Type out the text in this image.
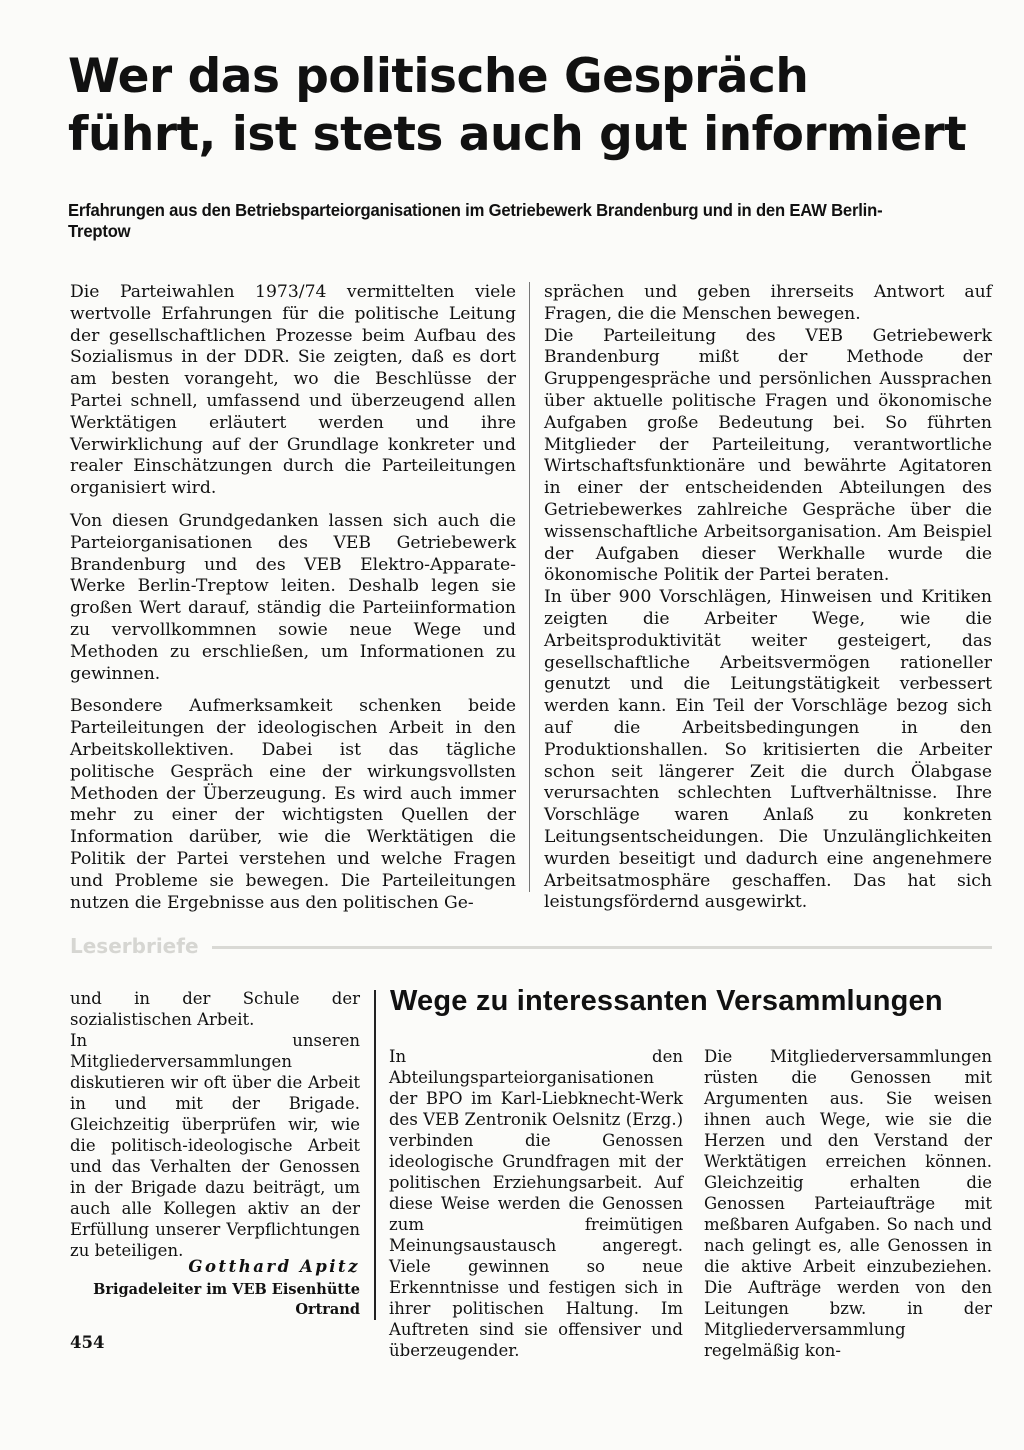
Wer das politische Gespräch führt, ist stets auch gut informiert
Erfahrungen aus den Betriebsparteiorganisationen im Getriebewerk Brandenburg und in den EAW Berlin-Treptow

Die Parteiwahlen 1973/74 vermittelten viele wertvolle Erfahrungen für die politische Leitung der gesellschaftlichen Prozesse beim Aufbau des Sozialismus in der DDR. Sie zeigten, daß es dort am besten vorangeht, wo die Beschlüsse der Partei schnell, umfassend und überzeugend allen Werktätigen erläutert werden und ihre Verwirklichung auf der Grundlage konkreter und realer Einschätzungen durch die Parteileitungen organisiert wird.

Von diesen Grundgedanken lassen sich auch die Parteiorganisationen des VEB Getriebewerk Brandenburg und des VEB Elektro-Apparate-Werke Berlin-Treptow leiten. Deshalb legen sie großen Wert darauf, ständig die Parteiinformation zu vervollkommnen sowie neue Wege und Methoden zu erschließen, um Informationen zu gewinnen.

Besondere Aufmerksamkeit schenken beide Parteileitungen der ideologischen Arbeit in den Arbeitskollektiven. Dabei ist das tägliche politische Gespräch eine der wirkungsvollsten Methoden der Überzeugung. Es wird auch immer mehr zu einer der wichtigsten Quellen der Information darüber, wie die Werktätigen die Politik der Partei verstehen und welche Fragen und Probleme sie bewegen. Die Parteileitungen nutzen die Ergebnisse aus den politischen Ge-

sprächen und geben ihrerseits Antwort auf Fragen, die die Menschen bewegen.

Die Parteileitung des VEB Getriebewerk Brandenburg mißt der Methode der Gruppengespräche und persönlichen Aussprachen über aktuelle politische Fragen und ökonomische Aufgaben große Bedeutung bei. So führten Mitglieder der Parteileitung, verantwortliche Wirtschaftsfunktionäre und bewährte Agitatoren in einer der entscheidenden Abteilungen des Getriebewerkes zahlreiche Gespräche über die wissenschaftliche Arbeitsorganisation. Am Beispiel der Aufgaben dieser Werkhalle wurde die ökonomische Politik der Partei beraten.

In über 900 Vorschlägen, Hinweisen und Kritiken zeigten die Arbeiter Wege, wie die Arbeitsproduktivität weiter gesteigert, das gesellschaftliche Arbeitsvermögen rationeller genutzt und die Leitungstätigkeit verbessert werden kann. Ein Teil der Vorschläge bezog sich auf die Arbeitsbedingungen in den Produktionshallen. So kritisierten die Arbeiter schon seit längerer Zeit die durch Ölabgase verursachten schlechten Luftverhältnisse. Ihre Vorschläge waren Anlaß zu konkreten Leitungsentscheidungen. Die Unzulänglichkeiten wurden beseitigt und dadurch eine angenehmere Arbeitsatmosphäre geschaffen. Das hat sich leistungsfördernd ausgewirkt.

Leserbriefe

und in der Schule der sozialistischen Arbeit.

In unseren Mitgliederversammlungen diskutieren wir oft über die Arbeit in und mit der Brigade. Gleichzeitig überprüfen wir, wie die politisch-ideologische Arbeit und das Verhalten der Genossen in der Brigade dazu beiträgt, um auch alle Kollegen aktiv an der Erfüllung unserer Verpflichtungen zu beteiligen.

Gotthard Apitz
Brigadeleiter im VEB Eisenhütte Ortrand
Wege zu interessanten Versammlungen

In den Abteilungsparteiorganisationen der BPO im Karl-Liebknecht-Werk des VEB Zentronik Oelsnitz (Erzg.) verbinden die Genossen ideologische Grundfragen mit der politischen Erziehungsarbeit. Auf diese Weise werden die Genossen zum freimütigen Meinungsaustausch angeregt. Viele gewinnen so neue Erkenntnisse und festigen sich in ihrer politischen Haltung. Im Auftreten sind sie offensiver und überzeugender.

Die Mitgliederversammlungen rüsten die Genossen mit Argumenten aus. Sie weisen ihnen auch Wege, wie sie die Herzen und den Verstand der Werktätigen erreichen können. Gleichzeitig erhalten die Genossen Parteiaufträge mit meßbaren Aufgaben. So nach und nach gelingt es, alle Genossen in die aktive Arbeit einzubeziehen. Die Aufträge werden von den Leitungen bzw. in der Mitgliederversammlung regelmäßig kon-

454
